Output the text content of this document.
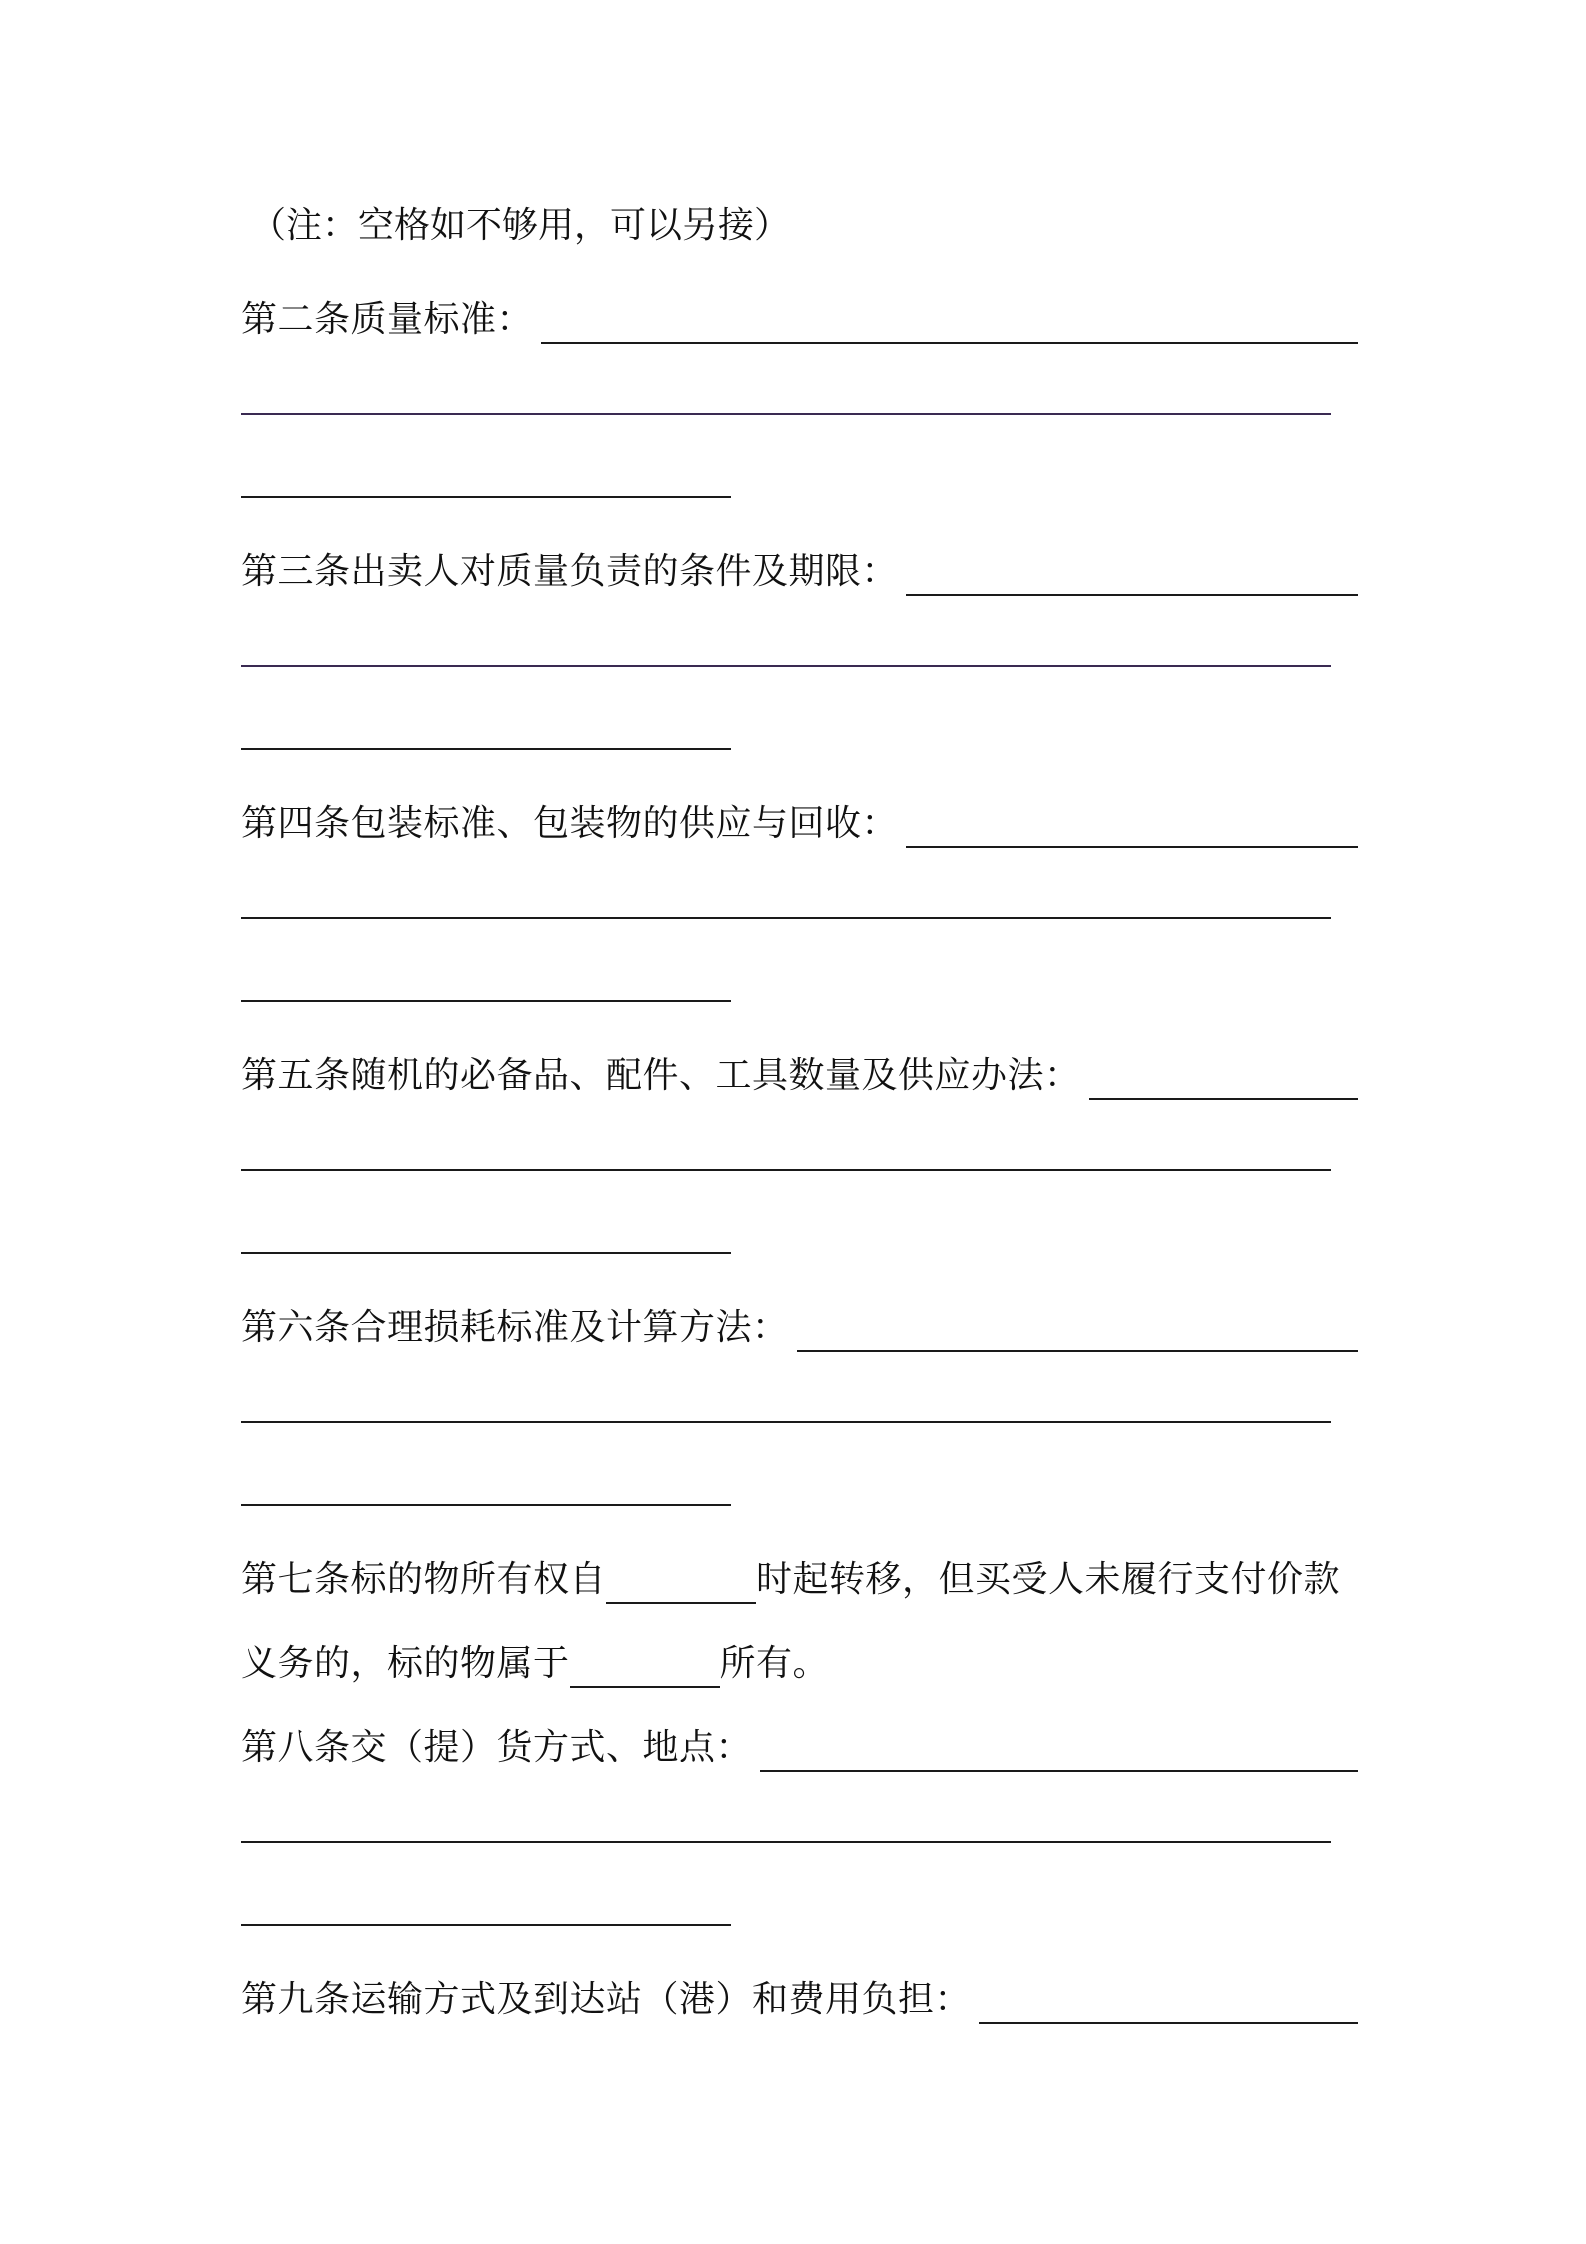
（注：空格如不够用，可以另接）
第二条质量标准：
第三条出卖人对质量负责的条件及期限：
第四条包装标准、包装物的供应与回收：
第五条随机的必备品、配件、工具数量及供应办法：
第六条合理损耗标准及计算方法：
第七条标的物所有权自	时起转移，但买受人未履行支付价款
义务的，标的物属于	所有。
第八条交（提）货方式、地点：
第九条运输方式及到达站（港）和费用负担：
